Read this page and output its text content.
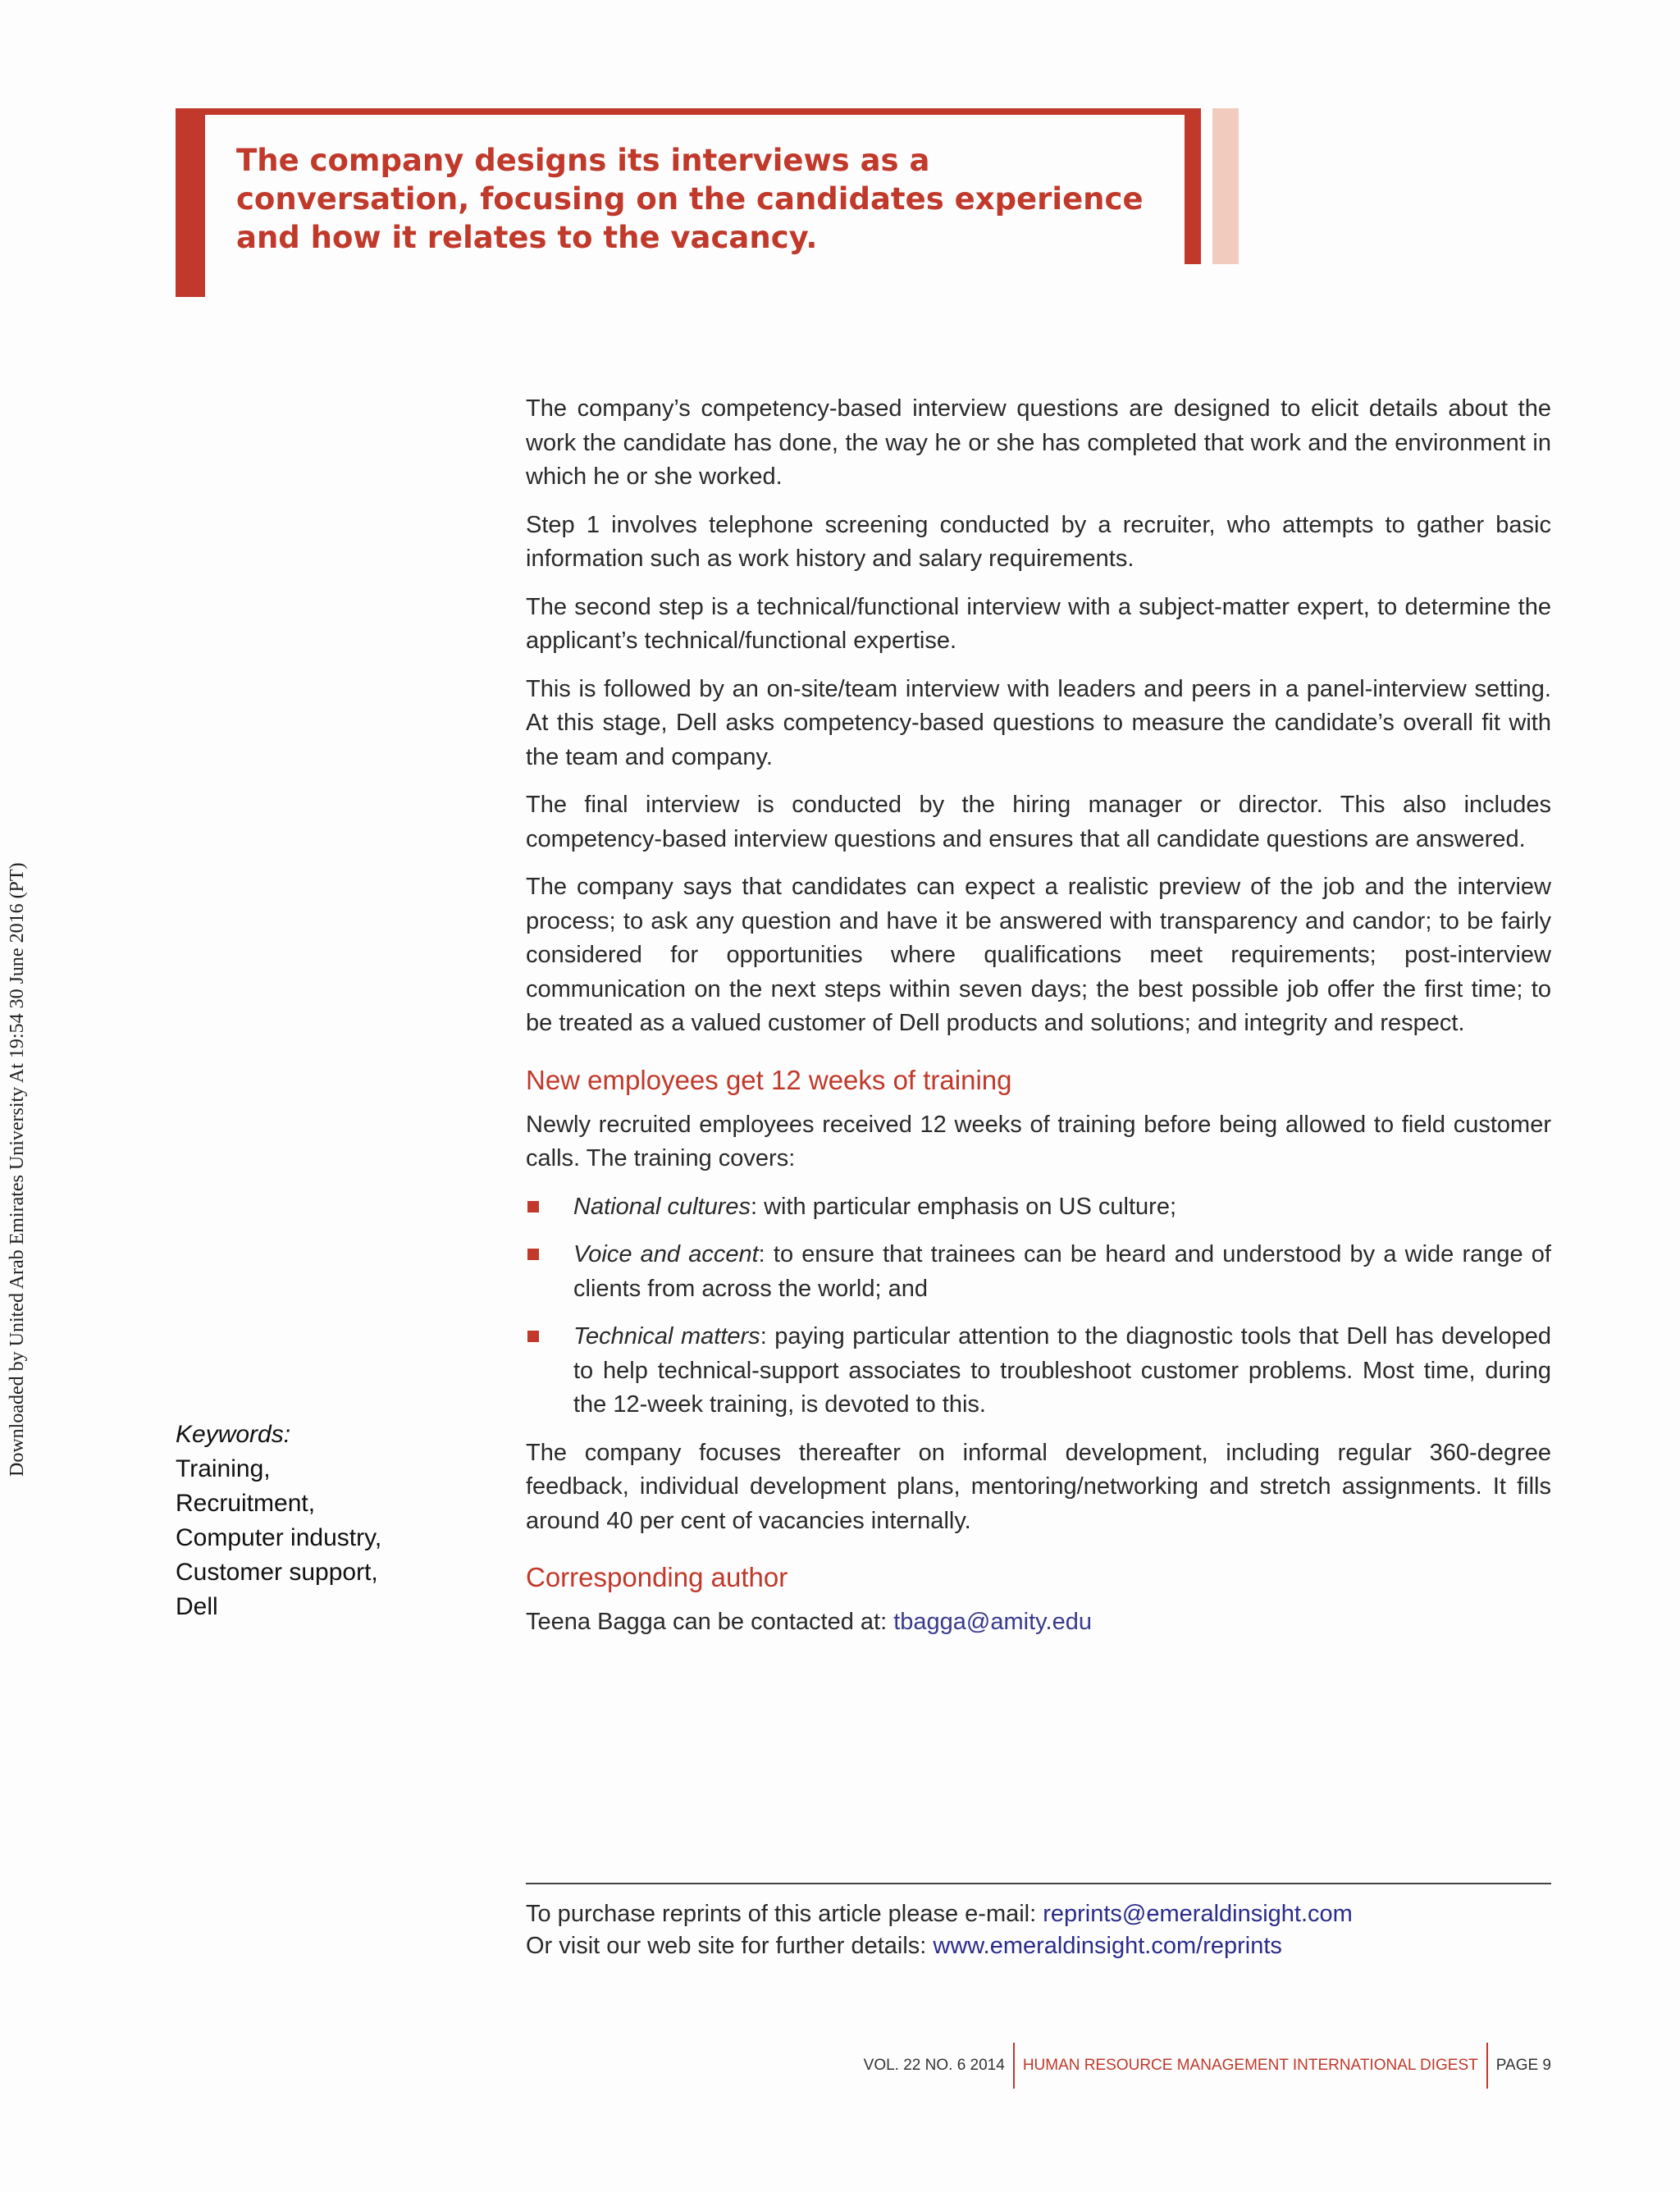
Downloaded by United Arab Emirates University At 19:54 30 June 2016 (PT)
The company designs its interviews as a conversation, focusing on the candidates experience and how it relates to the vacancy.
Keywords:
Training,
Recruitment,
Computer industry,
Customer support,
Dell

The company’s competency-based interview questions are designed to elicit details about the work the candidate has done, the way he or she has completed that work and the environment in which he or she worked.

Step 1 involves telephone screening conducted by a recruiter, who attempts to gather basic information such as work history and salary requirements.

The second step is a technical/functional interview with a subject-matter expert, to determine the applicant’s technical/functional expertise.

This is followed by an on-site/team interview with leaders and peers in a panel-interview setting. At this stage, Dell asks competency-based questions to measure the candidate’s overall fit with the team and company.

The final interview is conducted by the hiring manager or director. This also includes competency-based interview questions and ensures that all candidate questions are answered.

The company says that candidates can expect a realistic preview of the job and the interview process; to ask any question and have it be answered with transparency and candor; to be fairly considered for opportunities where qualifications meet requirements; post-interview communication on the next steps within seven days; the best possible job offer the first time; to be treated as a valued customer of Dell products and solutions; and integrity and respect.

New employees get 12 weeks of training

Newly recruited employees received 12 weeks of training before being allowed to field customer calls. The training covers:

National cultures: with particular emphasis on US culture;
Voice and accent: to ensure that trainees can be heard and understood by a wide range of clients from across the world; and
Technical matters: paying particular attention to the diagnostic tools that Dell has developed to help technical-support associates to troubleshoot customer problems. Most time, during the 12-week training, is devoted to this.

The company focuses thereafter on informal development, including regular 360-degree feedback, individual development plans, mentoring/networking and stretch assignments. It fills around 40 per cent of vacancies internally.

Corresponding author

Teena Bagga can be contacted at: tbagga@amity.edu

To purchase reprints of this article please e-mail: reprints@emeraldinsight.com
Or visit our web site for further details: www.emeraldinsight.com/reprints
VOL. 22 NO. 6 2014 HUMAN RESOURCE MANAGEMENT INTERNATIONAL DIGEST PAGE 9
